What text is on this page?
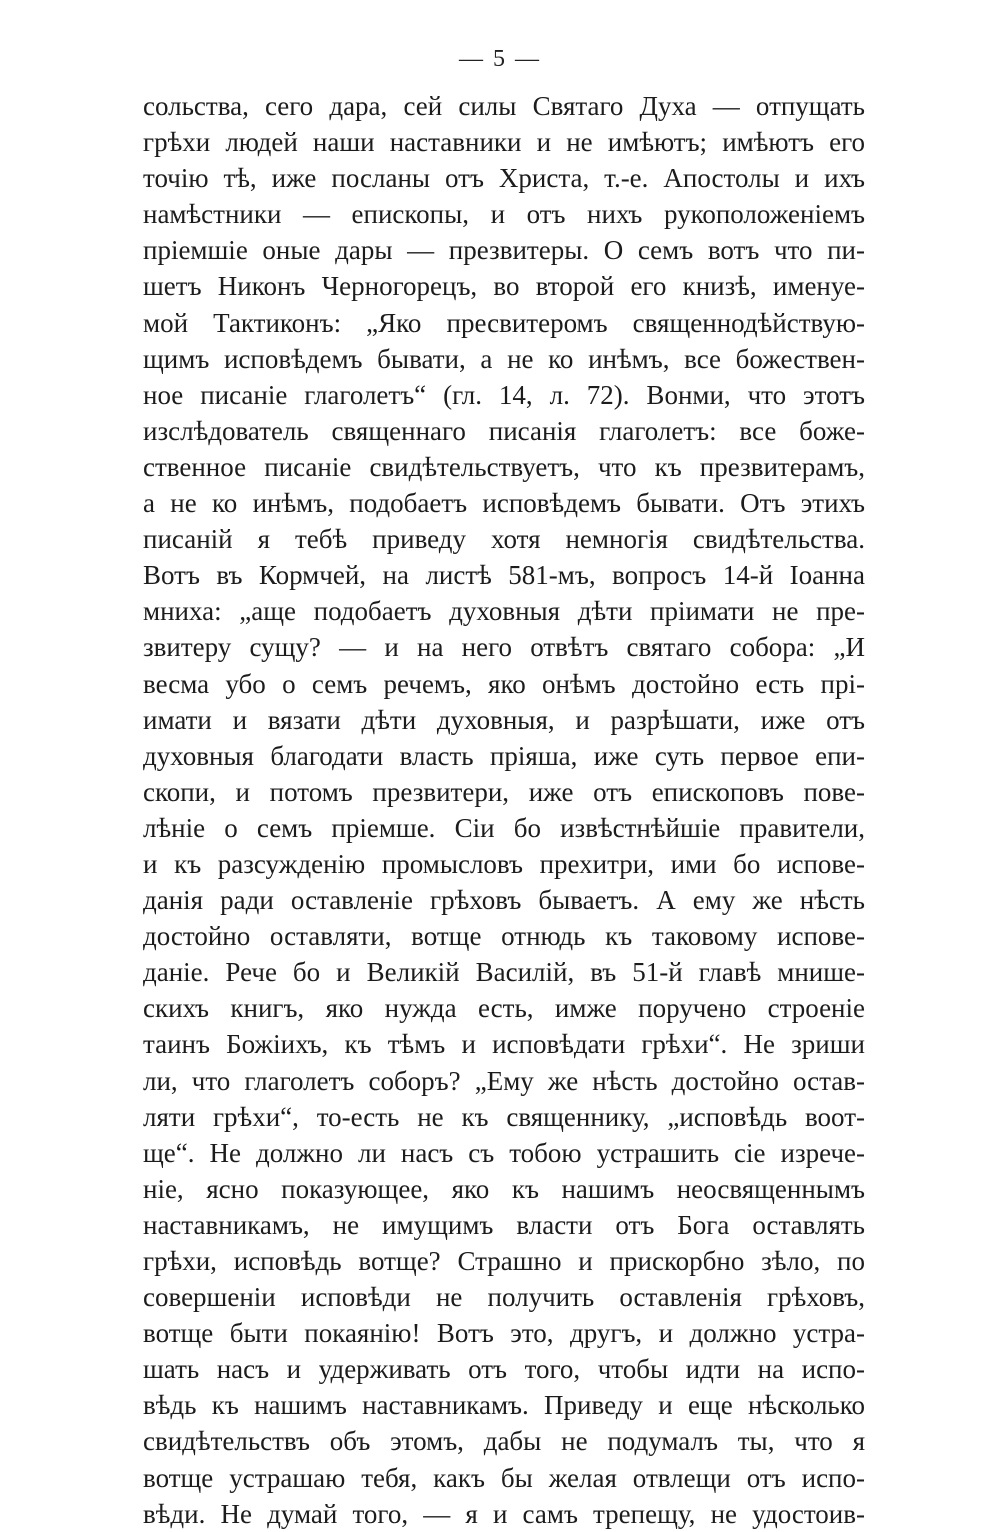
— 5 —
сольства, сего дара, сей силы Святаго Духа — отпущать
грѣхи людей наши наставники и не имѣютъ; имѣютъ его
точію тѣ, иже посланы отъ Христа, т.-е. Апостолы и ихъ
намѣстники — епископы, и отъ нихъ рукоположеніемъ
пріемшіе оные дары — презвитеры. О семъ вотъ что пи-
шетъ Никонъ Черногорецъ, во второй его книзѣ, именуе-
мой Тактиконъ: „Яко пресвитеромъ священнодѣйствую-
щимъ исповѣдемъ бывати, а не ко инѣмъ, все божествен-
ное писаніе глаголетъ“ (гл. 14, л. 72). Вонми, что этотъ
изслѣдователь священнаго писанія глаголетъ: все боже-
ственное писаніе свидѣтельствуетъ, что къ презвитерамъ,
а не ко инѣмъ, подобаетъ исповѣдемъ бывати. Отъ этихъ
писаній я тебѣ приведу хотя немногія свидѣтельства.
Вотъ въ Кормчей, на листѣ 581-мъ, вопросъ 14-й Іоанна
мниха: „аще подобаетъ духовныя дѣти пріимати не пре-
звитеру сущу? — и на него отвѣтъ святаго собора: „И
весма убо о семъ речемъ, яко онѣмъ достойно есть прі-
имати и вязати дѣти духовныя, и разрѣшати, иже отъ
духовныя благодати власть пріяша, иже суть первое епи-
скопи, и потомъ презвитери, иже отъ епископовъ пове-
лѣніе о семъ пріемше. Сіи бо извѣстнѣйшіе правители,
и къ разсужденію промысловъ прехитри, ими бо испове-
данія ради оставленіе грѣховъ бываетъ. А ему же нѣсть
достойно оставляти, вотще отнюдь къ таковому испове-
даніе. Рече бо и Великій Василій, въ 51-й главѣ мнише-
скихъ книгъ, яко нужда есть, имже поручено строеніе
таинъ Божіихъ, къ тѣмъ и исповѣдати грѣхи“. Не зриши
ли, что глаголетъ соборъ? „Ему же нѣсть достойно остав-
ляти грѣхи“, то-есть не къ священнику, „исповѣдь воот-
ще“. Не должно ли насъ съ тобою устрашить сіе изрече-
ніе, ясно показующее, яко къ нашимъ неосвященнымъ
наставникамъ, не имущимъ власти отъ Бога оставлять
грѣхи, исповѣдь вотще? Страшно и прискорбно зѣло, по
совершеніи исповѣди не получить оставленія грѣховъ,
вотще быти покаянію! Вотъ это, другъ, и должно устра-
шать насъ и удерживать отъ того, чтобы идти на испо-
вѣдь къ нашимъ наставникамъ. Приведу и еще нѣсколько
свидѣтельствъ объ этомъ, дабы не подумалъ ты, что я
вотще устрашаю тебя, какъ бы желая отвлещи отъ испо-
вѣди. Не думай того, — я и самъ трепещу, не удостоив-
